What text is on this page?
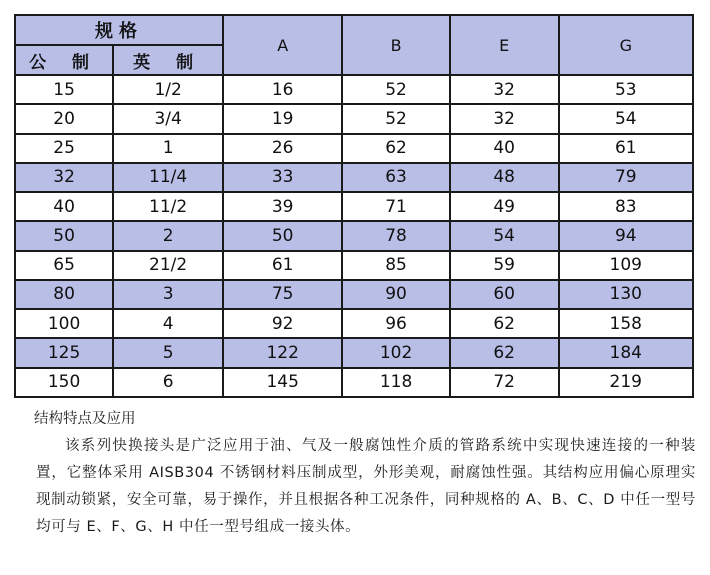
规格		A	B	E	G
公 制	英 制				
15	1/2	16	52	32	53
20	3/4	19	52	32	54
25	1	26	62	40	61
32	11/4	33	63	48	79
40	11/2	39	71	49	83
50	2	50	78	54	94
65	21/2	61	85	59	109
80	3	75	90	60	130
100	4	92	96	62	158
125	5	122	102	62	184
150	6	145	118	72	219
结构特点及应用

该系列快换接头是广泛应用于油、气及一般腐蚀性介质的管路系统中实现快速连接的一种装置，它整体采用 AISB304 不锈钢材料压制成型，外形美观，耐腐蚀性强。其结构应用偏心原理实现制动锁紧，安全可靠，易于操作，并且根据各种工况条件，同种规格的 A、B、C、D 中任一型号均可与 E、F、G、H 中任一型号组成一接头体。
